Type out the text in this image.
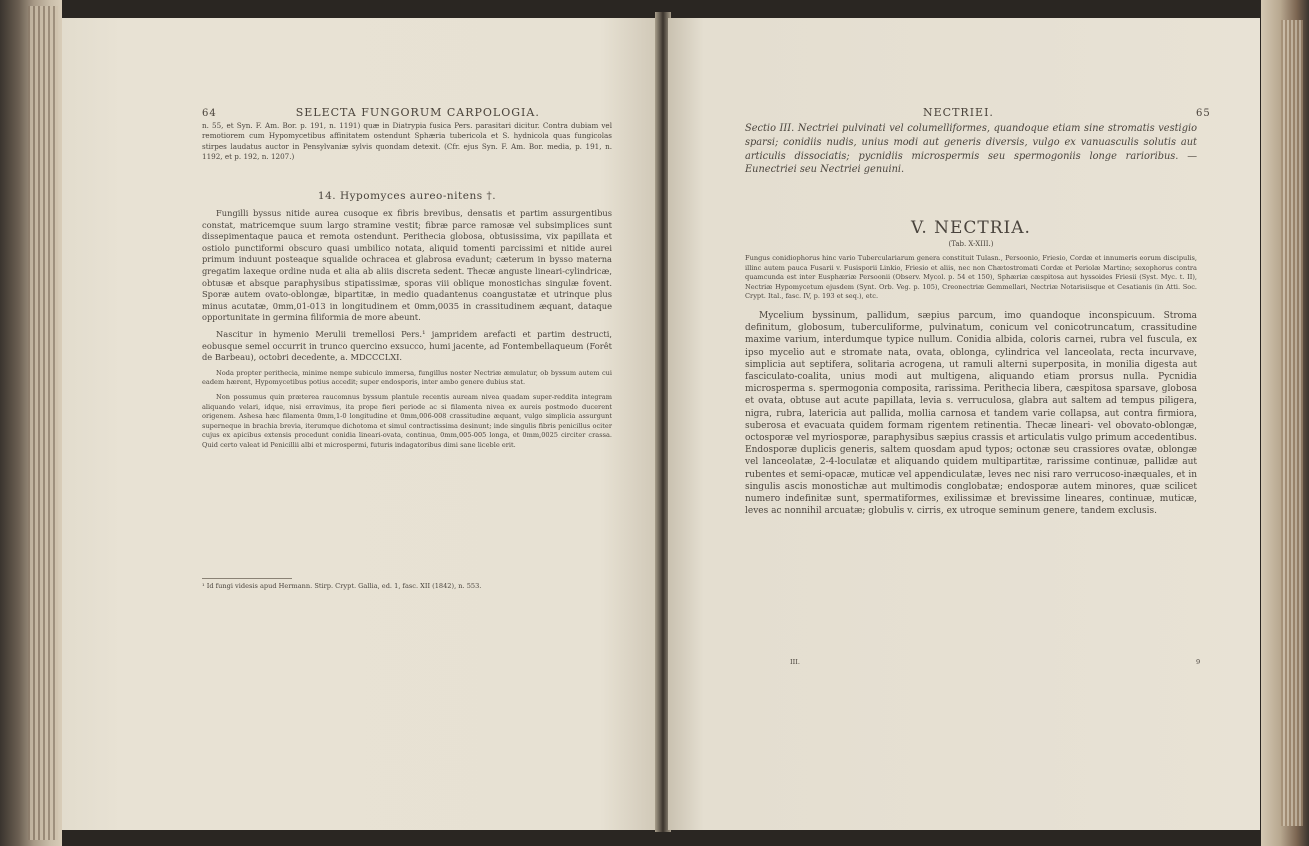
64	SELECTA FUNGORUM CARPOLOGIA.

n. 55, et Syn. F. Am. Bor. p. 191, n. 1191) quæ in Diatrypia fusica Pers. parasitari dicitur. Contra dubiam vel remotiorem cum Hypomycetibus affinitatem ostendunt Sphæria tubericola et S. hydnicola quas fungicolas stirpes laudatus auctor in Pensylvaniæ sylvis quondam detexit. (Cfr. ejus Syn. F. Am. Bor. media, p. 191, n. 1192, et p. 192, n. 1207.)

14. Hypomyces aureo-nitens †.

Fungilli byssus nitide aurea cusoque ex fibris brevibus, densatis et partim assurgentibus constat, matricemque suum largo stramine vestit; fibræ parce ramosæ vel subsimplices sunt dissepimentaque pauca et remota ostendunt. Perithecia globosa, obtusissima, vix papillata et ostiolo punctiformi obscuro quasi umbilico notata, aliquid tomenti parcissimi et nitide aurei primum induunt posteaque squalide ochracea et glabrosa evadunt; cæterum in bysso materna gregatim laxeque ordine nuda et alia ab aliis discreta sedent. Thecæ anguste lineari-cylindricæ, obtusæ et absque paraphysibus stipatissimæ, sporas viii oblique monostichas singulæ fovent. Sporæ autem ovato-oblongæ, bipartitæ, in medio quadantenus coangustatæ et utrinque plus minus acutatæ, 0mm,01-013 in longitudinem et 0mm,0035 in crassitudinem æquant, dataque opportunitate in germina filiformia de more abeunt.

Nascitur in hymenio Merulii tremellosi Pers.¹ jampridem arefacti et partim destructi, eobusque semel occurrit in trunco quercino exsucco, humi jacente, ad Fontembellaqueum (Forêt de Barbeau), octobri decedente, a. MDCCCLXI.

Noda propter perithecia, minime nempe subiculo immersa, fungillus noster Nectriæ æmulatur, ob byssum autem cui eadem hærent, Hypomycetibus potius accedit; super endosporis, inter ambo genere dubius stat.

Non possumus quin præterea raucomnus byssum plantule recentis auream nivea quadam super-reddita integram aliquando velari, idque, nisi erravimus, ita prope fieri periode ac si filamenta nivea ex aureis postmodo ducerent origenem. Ashesa hæc filamenta 0mm,1-0 longitudine et 0mm,006-008 crassitudine æquant, vulgo simplicia assurgunt superneque in brachia brevia, iterumque dichotoma et simul contractissima desinunt; inde singulis fibris penicillus ociter cujus ex apicibus extensis procedunt conidia lineari-ovata, continua, 0mm,005-005 longa, et 0mm,0025 circiter crassa. Quid certo valeat id Penicillii albi et microspermi, futuris indagatoribus dimi sane liceble erit.

¹ Id fungi videsis apud Hermann. Stirp. Crypt. Gallia, ed. 1, fasc. XII (1842), n. 553.
NECTRIEI.	65
Sectio III. Nectriei pulvinati vel columelliformes, quandoque etiam sine stromatis vestigio sparsi; conidiis nudis, unius modi aut generis diversis, vulgo ex vanuasculis solutis aut articulis dissociatis; pycnidiis microspermis seu spermogoniis longe rarioribus. — Eunectriei seu Nectriei genuini.
V. NECTRIA.
(Tab. X-XIII.)
Fungus conidiophorus hinc vario Tuberculariarum genera constituit Tulasn., Persoonio, Friesio, Cordæ et innumeris eorum discipulis, illinc autem pauca Fusarii v. Fusisporii Linkio, Friesio et aliis, nec non Chætostromati Cordæ et Periolæ Martino; sexophorus contra quamcunda est inter Eusphæriæ Persoonii (Observ. Mycol. p. 54 et 150), Sphæriæ cæspitosa aut hyssoides Friesii (Syst. Myc. t. II), Nectriæ Hypomycetum ejusdem (Synt. Orb. Veg. p. 105), Creonectriæ Gemmellari, Nectriæ Notarisiisque et Cesatianis (in Atti. Soc. Crypt. Ital., fasc. IV, p. 193 et seq.), etc.

Mycelium byssinum, pallidum, sæpius parcum, imo quandoque inconspicuum. Stroma definitum, globosum, tuberculiforme, pulvinatum, conicum vel conicotruncatum, crassitudine maxime varium, interdumque typice nullum. Conidia albida, coloris carnei, rubra vel fuscula, ex ipso mycelio aut e stromate nata, ovata, oblonga, cylindrica vel lanceolata, recta incurvave, simplicia aut septifera, solitaria acrogena, ut ramuli alterni superposita, in monilia digesta aut fasciculato-coalita, unius modi aut multigena, aliquando etiam prorsus nulla. Pycnidia microsperma s. spermogonia composita, rarissima. Perithecia libera, cæspitosa sparsave, globosa et ovata, obtuse aut acute papillata, levia s. verruculosa, glabra aut saltem ad tempus piligera, nigra, rubra, latericia aut pallida, mollia carnosa et tandem varie collapsa, aut contra firmiora, suberosa et evacuata quidem formam rigentem retinentia. Thecæ lineari- vel obovato-oblongæ, octosporæ vel myriosporæ, paraphysibus sæpius crassis et articulatis vulgo primum accedentibus. Endosporæ duplicis generis, saltem quosdam apud typos; octonæ seu crassiores ovatæ, oblongæ vel lanceolatæ, 2-4-loculatæ et aliquando quidem multipartitæ, rarissime continuæ, pallidæ aut rubentes et semi-opacæ, muticæ vel appendiculatæ, leves nec nisi raro verrucoso-inæquales, et in singulis ascis monostichæ aut multimodis conglobatæ; endosporæ autem minores, quæ scilicet numero indefinitæ sunt, spermatiformes, exilissimæ et brevissime lineares, continuæ, muticæ, leves ac nonnihil arcuatæ; globulis v. cirris, ex utroque seminum genere, tandem exclusis.

III.	9
